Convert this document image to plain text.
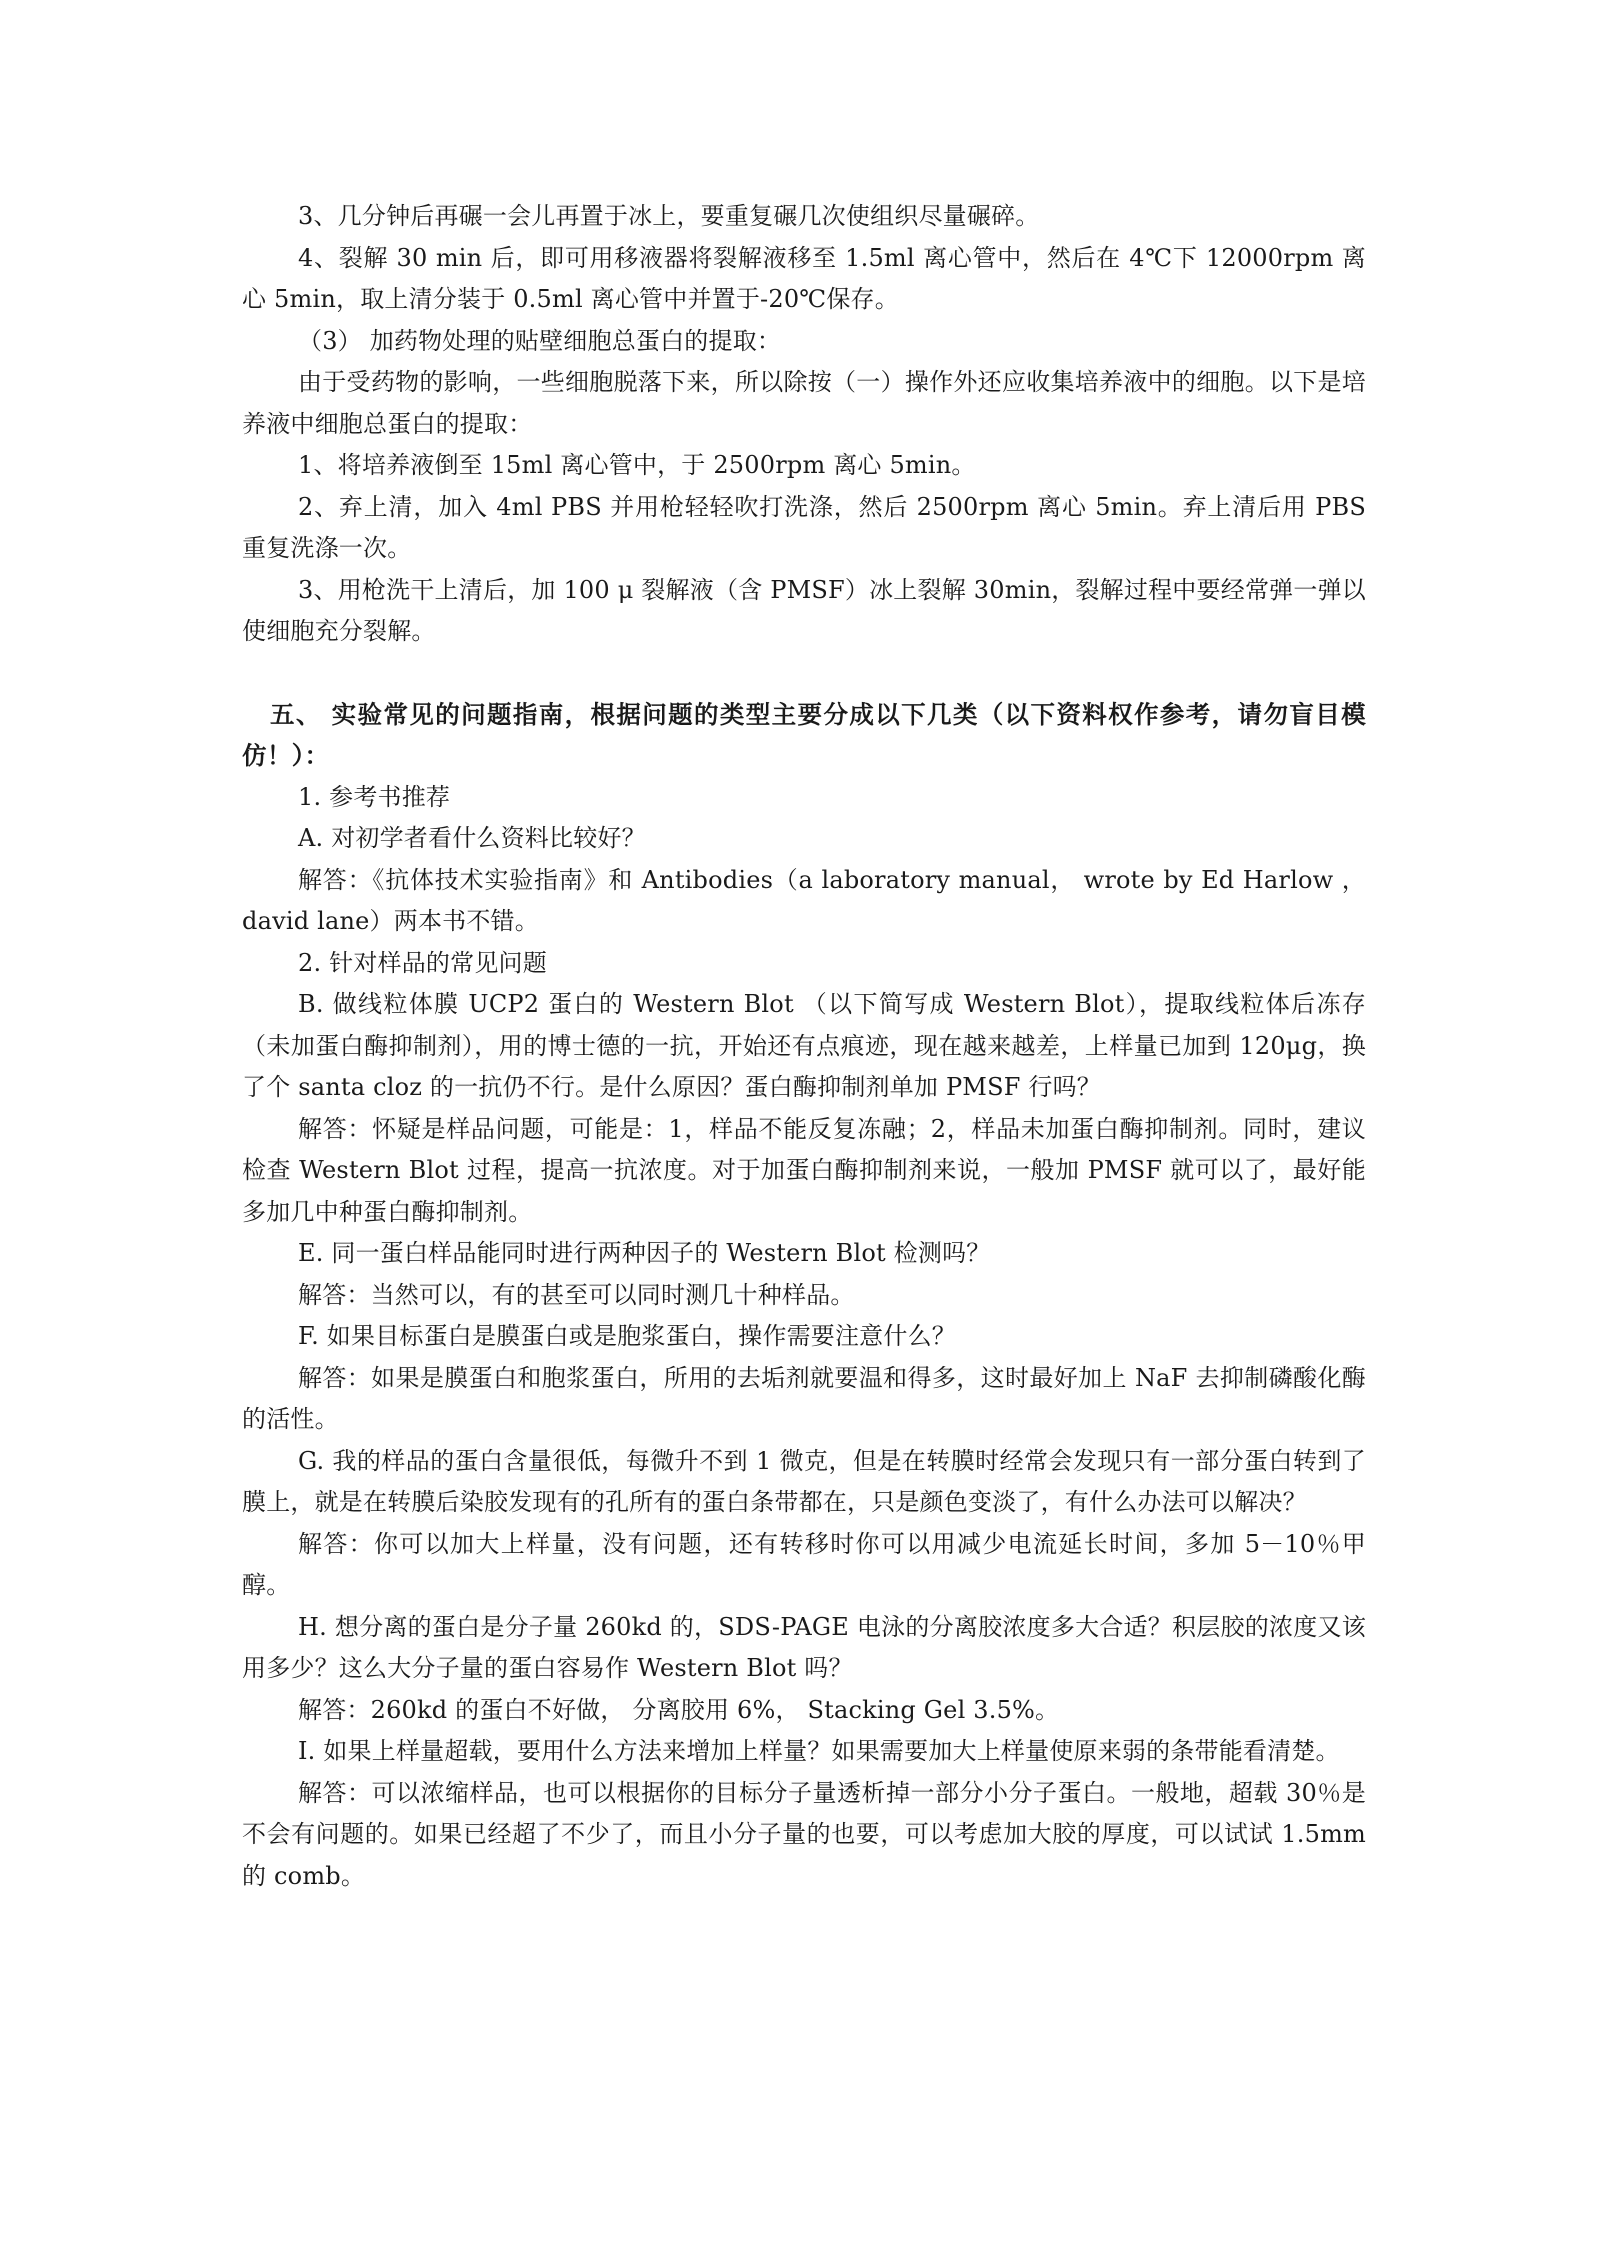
3、几分钟后再碾一会儿再置于冰上，要重复碾几次使组织尽量碾碎。

4、裂解 30 min 后，即可用移液器将裂解液移至 1.5ml 离心管中，然后在 4℃下 12000rpm 离心 5min，取上清分装于 0.5ml 离心管中并置于-20℃保存。

（3） 加药物处理的贴壁细胞总蛋白的提取：

由于受药物的影响，一些细胞脱落下来，所以除按（一）操作外还应收集培养液中的细胞。以下是培养液中细胞总蛋白的提取：

1、将培养液倒至 15ml 离心管中，于 2500rpm 离心 5min。

2、弃上清，加入 4ml PBS 并用枪轻轻吹打洗涤，然后 2500rpm 离心 5min。弃上清后用 PBS 重复洗涤一次。

3、用枪洗干上清后，加 100 μ 裂解液（含 PMSF）冰上裂解 30min，裂解过程中要经常弹一弹以使细胞充分裂解。

五、 实验常见的问题指南，根据问题的类型主要分成以下几类（以下资料权作参考，请勿盲目模仿！）：

1. 参考书推荐

A. 对初学者看什么资料比较好？

解答：《抗体技术实验指南》和 Antibodies（a laboratory manual， wrote by Ed Harlow ，david lane）两本书不错。

2. 针对样品的常见问题

B. 做线粒体膜 UCP2 蛋白的 Western Blot （以下简写成 Western Blot），提取线粒体后冻存（未加蛋白酶抑制剂），用的博士德的一抗，开始还有点痕迹，现在越来越差，上样量已加到 120μg，换了个 santa cloz 的一抗仍不行。是什么原因？蛋白酶抑制剂单加 PMSF 行吗？

解答：怀疑是样品问题，可能是：1，样品不能反复冻融；2，样品未加蛋白酶抑制剂。同时，建议检查 Western Blot 过程，提高一抗浓度。对于加蛋白酶抑制剂来说，一般加 PMSF 就可以了，最好能多加几中种蛋白酶抑制剂。

E. 同一蛋白样品能同时进行两种因子的 Western Blot 检测吗？

解答：当然可以，有的甚至可以同时测几十种样品。

F. 如果目标蛋白是膜蛋白或是胞浆蛋白，操作需要注意什么？

解答：如果是膜蛋白和胞浆蛋白，所用的去垢剂就要温和得多，这时最好加上 NaF 去抑制磷酸化酶的活性。

G. 我的样品的蛋白含量很低，每微升不到 1 微克，但是在转膜时经常会发现只有一部分蛋白转到了膜上，就是在转膜后染胶发现有的孔所有的蛋白条带都在，只是颜色变淡了，有什么办法可以解决？

解答：你可以加大上样量，没有问题，还有转移时你可以用减少电流延长时间，多加 5－10％甲醇。

H. 想分离的蛋白是分子量 260kd 的，SDS-PAGE 电泳的分离胶浓度多大合适？积层胶的浓度又该用多少？这么大分子量的蛋白容易作 Western Blot 吗？

解答：260kd 的蛋白不好做， 分离胶用 6%， Stacking Gel 3.5%。

I. 如果上样量超载，要用什么方法来增加上样量？如果需要加大上样量使原来弱的条带能看清楚。

解答：可以浓缩样品，也可以根据你的目标分子量透析掉一部分小分子蛋白。一般地，超载 30％是不会有问题的。如果已经超了不少了，而且小分子量的也要，可以考虑加大胶的厚度，可以试试 1.5mm 的 comb。
